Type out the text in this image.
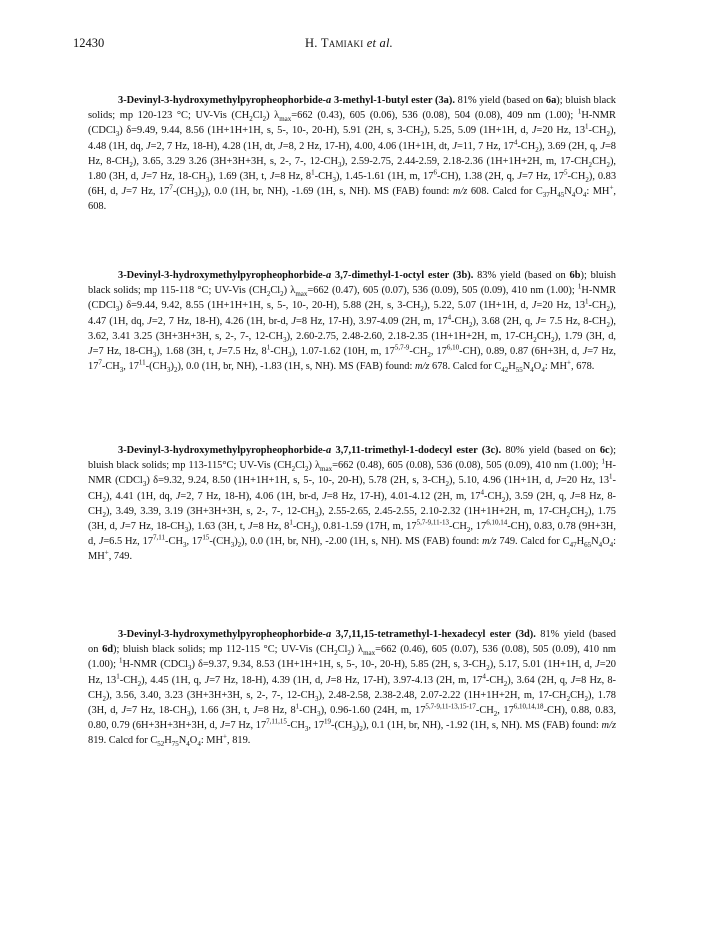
12430	H. Tamiaki et al.

3-Devinyl-3-hydroxymethylpyropheophorbide-a 3-methyl-1-butyl ester (3a). 81% yield (based on 6a); bluish black solids; mp 120-123 °C; UV-Vis $(CH_2Cl_2)$ $\lambda_{max}=662$ (0.43), 605 (0.06), 536 (0.08), 504 (0.08), 409 nm (1.00); $^1$H-NMR (CDCl$_3$) δ=9.49, 9.44, 8.56 (1H+1H+1H, s, 5-, 10-, 20-H), 5.91 (2H, s, $3-CH_2$), 5.25, 5.09 (1H+1H, d, J=20 Hz, $13^1-CH_2$), 4.48 (1H, dq, J=2, 7 Hz, 18-H), 4.28 (1H, dt, J=8, 2 Hz, 17-H), 4.00, 4.06 (1H+1H, dt, J=11, 7 Hz, $17^4-CH_2$), 3.69 (2H, q, J=8 Hz, $8-CH_2$), 3.65, 3.29 3.26 (3H+3H+3H, s, 2-, 7-, $12-CH_3$), 2.59-2.75, 2.44-2.59, 2.18-2.36 (1H+1H+2H, m, $17-CH_2CH_2$), 1.80 (3H, d, J=7 Hz, $18-CH_3$), 1.69 (3H, t, J=8 Hz, $8^1-CH_3$), 1.45-1.61 (1H, m, $17^6-CH$), 1.38 (2H, q, J=7 Hz, $17^5-CH_2$), 0.83 (6H, d, J=7 Hz, $17^7-(CH_3)_2$), 0.0 (1H, br, NH), -1.69 (1H, s, NH). MS (FAB) found: m/z 608. Calcd for $C_{37}H_{45}N_4O_4$: MH+, 608.

3-Devinyl-3-hydroxymethylpyropheophorbide-a 3,7-dimethyl-1-octyl ester (3b). 83% yield (based on 6b); bluish black solids; mp 115-118 °C; UV-Vis $(CH_2Cl_2)$ $\lambda_{max}=662$ (0.47), 605 (0.07), 536 (0.09), 505 (0.09), 410 nm (1.00); $^1$H-NMR (CDCl$_3$) δ=9.44, 9.42, 8.55 (1H+1H+1H, s, 5-, 10-, 20-H), 5.88 (2H, s, $3-CH_2$), 5.22, 5.07 (1H+1H, d, J=20 Hz, $13^1-CH_2$), 4.47 (1H, dq, J=2, 7 Hz, 18-H), 4.26 (1H, br-d, J=8 Hz, 17-H), 3.97-4.09 (2H, m, $17^4-CH_2$), 3.68 (2H, q, J= 7.5 Hz, $8-CH_2$), 3.62, 3.41 3.25 (3H+3H+3H, s, 2-, 7-, $12-CH_3$), 2.60-2.75, 2.48-2.60, 2.18-2.35 (1H+1H+2H, m, $17-CH_2CH_2$), 1.79 (3H, d, J=7 Hz, $18-CH_3$), 1.68 (3H, t, J=7.5 Hz, $8^1-CH_3$), 1.07-1.62 (10H, m, $17^{5,7-9}-CH_2$, 17$^{6,10}$-CH), 0.89, 0.87 (6H+3H, d, J=7 Hz, $17^7-CH_3$, $17^{11}-(CH_3)_2$), 0.0 (1H, br, NH), -1.83 (1H, s, NH). MS (FAB) found: m/z 678. Calcd for $C_{42}H_{55}N_4O_4$: MH+, 678.

3-Devinyl-3-hydroxymethylpyropheophorbide-a 3,7,11-trimethyl-1-dodecyl ester (3c). 80% yield (based on 6c); bluish black solids; mp 113-115°C; UV-Vis $(CH_2Cl_2)$ $\lambda_{max}=662$ (0.48), 605 (0.08), 536 (0.08), 505 (0.09), 410 nm (1.00); $^1$H-NMR (CDCl$_3$) δ=9.32, 9.24, 8.50 (1H+1H+1H, s, 5-, 10-, 20-H), 5.78 (2H, s, $3-CH_2$), 5.10, 4.96 (1H+1H, d, J=20 Hz, $13^1-CH_2$), 4.41 (1H, dq, J=2, 7 Hz, 18-H), 4.06 (1H, br-d, J=8 Hz, 17-H), 4.01-4.12 (2H, m, $17^4-CH_2$), 3.59 (2H, q, J=8 Hz, $8-CH_2$), 3.49, 3.39, 3.19 (3H+3H+3H, s, 2-, 7-, $12-CH_3$), 2.55-2.65, 2.45-2.55, 2.10-2.32 (1H+1H+2H, m, $17-CH_2CH_2$), 1.75 (3H, d, J=7 Hz, $18-CH_3$), 1.63 (3H, t, J=8 Hz, $8^1-CH_3$), 0.81-1.59 (17H, m, $17^{5,7-9,11-13}-CH_2$, 17$^{6,10,14}$-CH), 0.83, 0.78 (9H+3H, d, J=6.5 Hz, $17^{7,11}-CH_3$, $17^{15}-(CH_3)_2$), 0.0 (1H, br, NH), -2.00 (1H, s, NH). MS (FAB) found: m/z 749. Calcd for $C_{47}H_{65}N_4O_4$: MH+, 749.

3-Devinyl-3-hydroxymethylpyropheophorbide-a 3,7,11,15-tetramethyl-1-hexadecyl ester (3d). 81% yield (based on 6d); bluish black solids; mp 112-115 °C; UV-Vis $(CH_2Cl_2)$ $\lambda_{max}=662$ (0.46), 605 (0.07), 536 (0.08), 505 (0.09), 410 nm (1.00); $^1$H-NMR (CDCl$_3$) δ=9.37, 9.34, 8.53 (1H+1H+1H, s, 5-, 10-, 20-H), 5.85 (2H, s, $3-CH_2$), 5.17, 5.01 (1H+1H, d, J=20 Hz, $13^1-CH_2$), 4.45 (1H, q, J=7 Hz, 18-H), 4.39 (1H, d, J=8 Hz, 17-H), 3.97-4.13 (2H, m, $17^4-CH_2$), 3.64 (2H, q, J=8 Hz, $8-CH_2$), 3.56, 3.40, 3.23 (3H+3H+3H, s, 2-, 7-, $12-CH_3$), 2.48-2.58, 2.38-2.48, 2.07-2.22 (1H+1H+2H, m, $17-CH_2CH_2$), 1.78 (3H, d, J=7 Hz, $18-CH_3$), 1.66 (3H, t, J=8 Hz, $8^1-CH_3$), 0.96-1.60 (24H, m, $17^{5,7-9,11-13,15-17}-CH_2$, 17$^{6,10,14,18}$-CH), 0.88, 0.83, 0.80, 0.79 (6H+3H+3H+3H, d, J=7 Hz, $17^{7,11,15}-CH_3$, $17^{19}-(CH_3)_2$), 0.1 (1H, br, NH), -1.92 (1H, s, NH). MS (FAB) found: m/z 819. Calcd for $C_{52}H_{75}N_4O_4$: MH+, 819.
